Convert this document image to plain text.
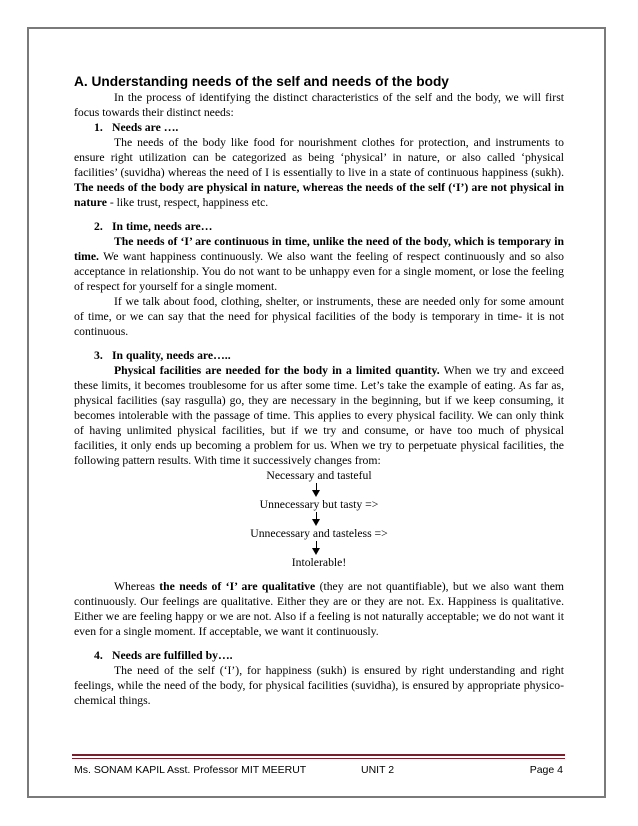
A. Understanding needs of the self and needs of the body

In the process of identifying the distinct characteristics of the self and the body, we will first focus towards their distinct needs:

1. Needs are ….

The needs of the body like food for nourishment clothes for protection, and instruments to ensure right utilization can be categorized as being ‘physical’ in nature, or also called ‘physical facilities’ (suvidha) whereas the need of I is essentially to live in a state of continuous happiness (sukh). The needs of the body are physical in nature, whereas the needs of the self (‘I’) are not physical in nature - like trust, respect, happiness etc.

2. In time, needs are…

The needs of ‘I’ are continuous in time, unlike the need of the body, which is temporary in time. We want happiness continuously. We also want the feeling of respect continuously and so also acceptance in relationship. You do not want to be unhappy even for a single moment, or lose the feeling of respect for yourself for a single moment.

If we talk about food, clothing, shelter, or instruments, these are needed only for some amount of time, or we can say that the need for physical facilities of the body is temporary in time- it is not continuous.

3. In quality, needs are…..

Physical facilities are needed for the body in a limited quantity. When we try and exceed these limits, it becomes troublesome for us after some time. Let’s take the example of eating. As far as, physical facilities (say rasgulla) go, they are necessary in the beginning, but if we keep consuming, it becomes intolerable with the passage of time. This applies to every physical facility. We can only think of having unlimited physical facilities, but if we try and consume, or have too much of physical facilities, it only ends up becoming a problem for us. When we try to perpetuate physical facilities, the following pattern results. With time it successively changes from:

Necessary and tasteful
Unnecessary but tasty =>
Unnecessary and tasteless =>
Intolerable!

Whereas the needs of ‘I’ are qualitative (they are not quantifiable), but we also want them continuously. Our feelings are qualitative. Either they are or they are not. Ex. Happiness is qualitative. Either we are feeling happy or we are not. Also if a feeling is not naturally acceptable; we do not want it even for a single moment. If acceptable, we want it continuously.

4. Needs are fulfilled by….

The need of the self (‘I’), for happiness (sukh) is ensured by right understanding and right feelings, while the need of the body, for physical facilities (suvidha), is ensured by appropriate physico-chemical things.

Ms. SONAM KAPIL Asst. Professor MIT MEERUT	UNIT 2	Page 4
